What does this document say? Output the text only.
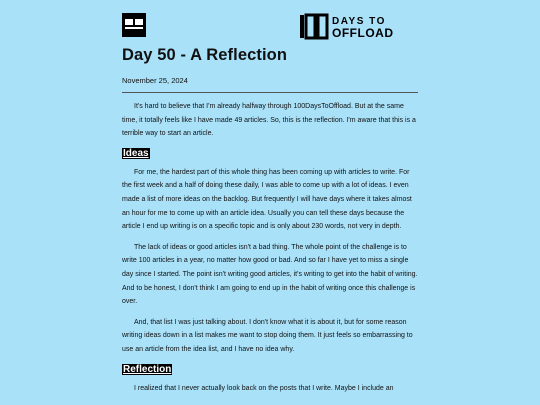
DAYS TO
OFFLOAD
Day 50 - A Reflection
November 25, 2024

It's hard to believe that I'm already halfway through 100DaysToOffload. But at the same time, it totally feels like I have made 49 articles. So, this is the reflection. I'm aware that this is a terrible way to start an article.

Ideas

For me, the hardest part of this whole thing has been coming up with articles to write. For the first week and a half of doing these daily, I was able to come up with a lot of ideas. I even made a list of more ideas on the backlog. But frequently I will have days where it takes almost an hour for me to come up with an article idea. Usually you can tell these days because the article I end up writing is on a specific topic and is only about 230 words, not very in depth.

The lack of ideas or good articles isn't a bad thing. The whole point of the challenge is to write 100 articles in a year, no matter how good or bad. And so far I have yet to miss a single day since I started. The point isn't writing good articles, it's writing to get into the habit of writing. And to be honest, I don't think I am going to end up in the habit of writing once this challenge is over.

And, that list I was just talking about. I don't know what it is about it, but for some reason writing ideas down in a list makes me want to stop doing them. It just feels so embarrassing to use an article from the idea list, and I have no idea why.

Reflection

I realized that I never actually look back on the posts that I write. Maybe I include an
